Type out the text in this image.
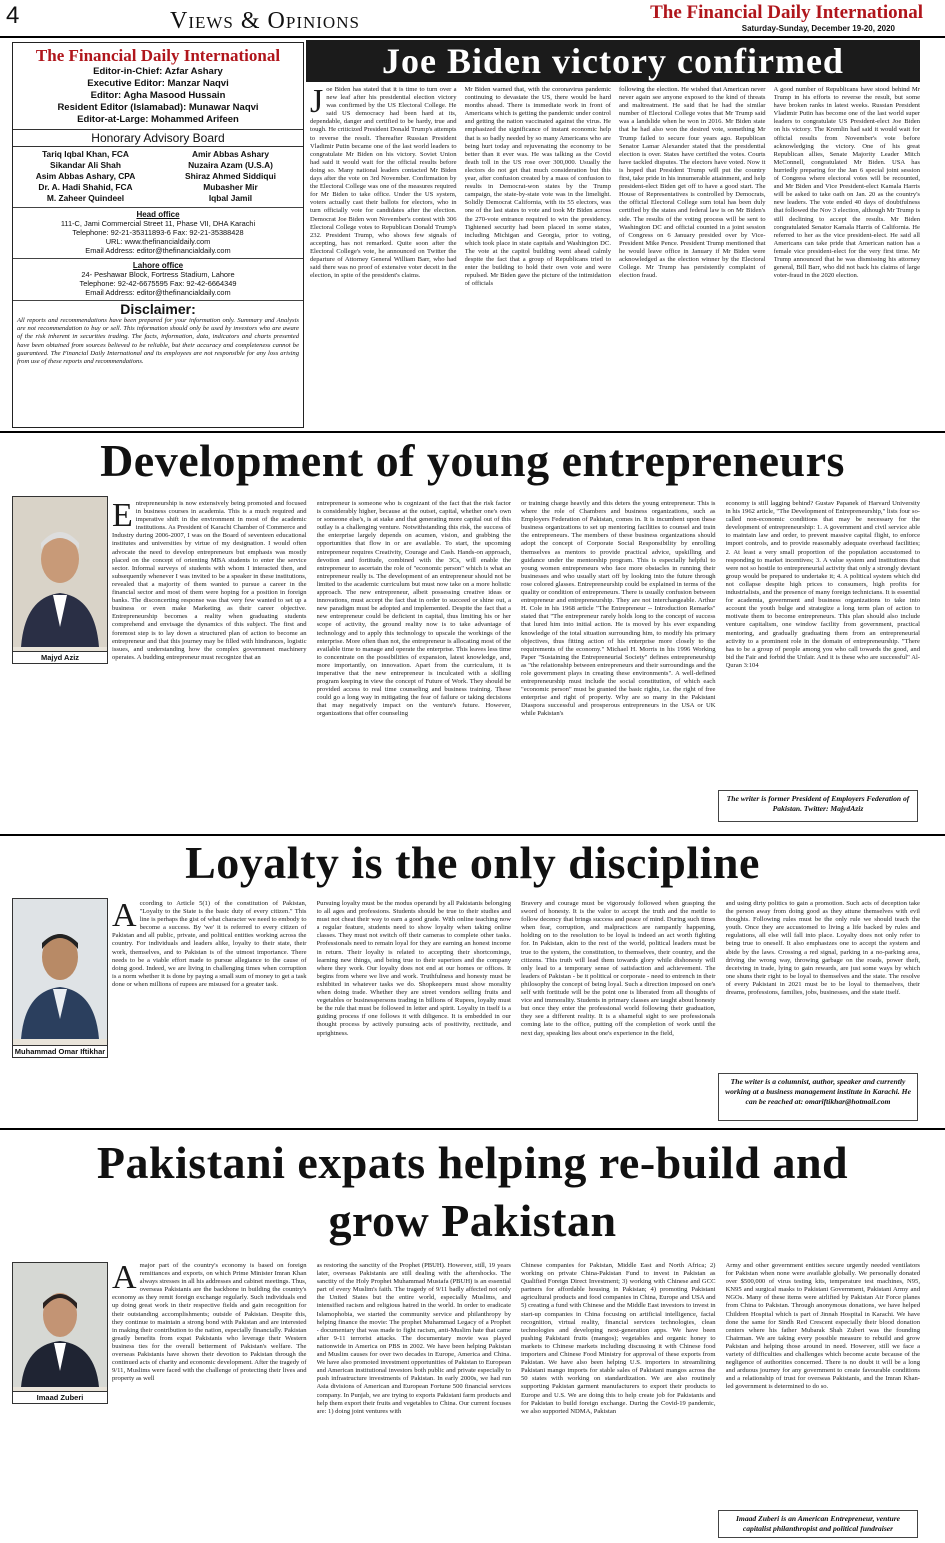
4	Views & Opinions	The Financial Daily International
Saturday-Sunday, December 19-20, 2020
The Financial Daily International
Editor-in-Chief: Azfar Ashary
Executive Editor: Manzar Naqvi
Editor: Agha Masood Hussain
Resident Editor (Islamabad): Munawar Naqvi
Editor-at-Large: Mohammed Arifeen
Honorary Advisory Board
Tariq Iqbal Khan, FCA	Amir Abbas Ashary
Sikandar Ali Shah	Nuzaira Azam (U.S.A)
Asim Abbas Ashary, CPA	Shiraz Ahmed Siddiqui
Dr. A. Hadi Shahid, FCA	Mubasher Mir
M. Zaheer Quindeel	Iqbal Jamil
Head office
111-C, Jami Commercial Street 11, Phase VII, DHA Karachi
Telephone: 92-21-35311893-6 Fax: 92-21-35388428
URL: www.thefinancialdaily.com
Email Address: editor@thefinancialdaily.com
Lahore office
24- Peshawar Block, Fortress Stadium, Lahore
Telephone: 92-42-6675595 Fax: 92-42-6664349
Email Address: editor@thefinancialdaily.com
Disclaimer:
All reports and recommendations have been prepared for your information only. Summary and Analysis are not recommendation to buy or sell. This information should only be used by investors who are aware of the risk inherent in securities trading. The facts, information, data, indicators and charts presented have been obtained from sources believed to be reliable, but their accuracy and completeness cannot be guaranteed. The Financial Daily International and its employees are not responsible for any loss arising from use of these reports and recommendations.
Joe Biden victory confirmed
Joe Biden has stated that it is time to turn over a new leaf after his presidential election victory was confirmed by the US Electoral College. He said US democracy had been hard at its, dependable, danger and certified to be hardy, true and tough. He criticized President Donald Trump's attempts to reverse the result. Thereafter Russian President Vladimir Putin became one of the last world leaders to congratulate Mr Biden on his victory. Soviet Union had said it would wait for the official results before doing so. Many national leaders contacted Mr Biden days after the vote on 3rd November. Confirmation by the Electoral College was one of the measures required for Mr Biden to take office. Under the US system, voters actually cast their ballots for electors, who in turn officially vote for candidates after the election. Democrat Joe Biden won November's contest with 306 Electoral College votes to Republican Donald Trump's 232. President Trump, who shows few signals of accepting, has not remarked. Quite soon after the Electoral College's vote, he announced on Twitter the departure of Attorney General William Barr, who had said there was no proof of extensive voter deceit in the election, in spite of the president's claims.
Mr Biden warned that, with the coronavirus pandemic continuing to devastate the US, there would be hard months ahead. There is immediate work in front of Americans which is getting the pandemic under control and getting the nation vaccinated against the virus. He emphasized the significance of instant economic help that is so badly needed by so many Americans who are being hurt today and rejuvenating the economy to be better than it ever was. He was talking as the Covid death toll in the US rose over 300,000. Usually the electors do not get that much consideration but this year, after confusion created by a mass of confusion to results in Democrat-won states by the Trump campaign, the state-by-state vote was in the limelight. Solidly Democrat California, with its 55 electors, was one of the last states to vote and took Mr Biden across the 270-vote entrance required to win the presidency. Tightened security had been placed in some states, including Michigan and Georgia, prior to voting, which took place in state capitals and Washington DC. The vote at the capitol building went ahead calmly despite the fact that a group of Republicans tried to enter the building to hold their own vote and were repulsed. Mr Biden gave the picture of the intimidation of officials
following the election. He wished that American never never again see anyone exposed to the kind of threats and maltreatment. He said that he had the similar number of Electoral College votes that Mr Trump said was a landslide when he won in 2016. Mr Biden state that he had also won the desired vote, something Mr Trump failed to secure four years ago. Republican Senator Lamar Alexander stated that the presidential election is over. States have certified the votes. Courts have tackled disputes. The electors have voted. Now it is hoped that President Trump will put the country first, take pride in his innumerable attainment, and help president-elect Biden get off to have a good start. The House of Representatives is controlled by Democrats, the official Electoral College sum total has been duly certified by the states and federal law is on Mr Biden's side. The results of the voting process will be sent to Washington DC and official counted in a joint session of Congress on 6 January presided over by Vice-President Mike Pence. President Trump mentioned that he would leave office in January if Mr Biden were acknowledged as the election winner by the Electoral College. Mr Trump has persistently complaint of election fraud.
A good number of Republicans have stood behind Mr Trump in his efforts to reverse the result, but some have broken ranks in latest weeks. Russian President Vladimir Putin has become one of the last world super leaders to congratulate US President-elect Joe Biden on his victory. The Kremlin had said it would wait for official results from November's vote before acknowledging the victory. One of his great Republican allies, Senate Majority Leader Mitch McConnell, congratulated Mr Biden. USA has hurriedly preparing for the Jan 6 special joint session of Congress where electoral votes will be recounted, and Mr Biden and Vice President-elect Kamala Harris will be asked to take oath on Jan. 20 as the country's new leaders. The vote ended 40 days of doubtfulness that followed the Nov 3 election, although Mr Trump is still declining to accept the results. Mr Biden congratulated Senator Kamala Harris of California. He referred to her as the vice president-elect. He said all Americans can take pride that American nation has a female vice president-elect for the very first time. Mr Trump announced that he was dismissing his attorney general, Bill Barr, who did not back his claims of large voter-fraud in the 2020 election.
Development of young entrepreneurs
Majyd Aziz
Entrepreneurship is now extensively being promoted and focused in business courses in academia. This is a much required and imperative shift in the environment in most of the academic institutions. As President of Karachi Chamber of Commerce and Industry during 2006-2007, I was on the Board of seventeen educational institutes and universities by virtue of my designation. I would often advocate the need to develop entrepreneurs but emphasis was mostly placed on the concept of orienting MBA students to enter the service sector. Informal surveys of students with whom I interacted then, and subsequently whenever I was invited to be a speaker in these institutions, revealed that a majority of them wanted to pursue a career in the financial sector and most of them were hoping for a position in foreign banks. The disconcerting response was that very few wanted to set up a business or even make Marketing as their career objective. Entrepreneurship becomes a reality when graduating students comprehend and envisage the dynamics of this subject. The first and foremost step is to lay down a structured plan of action to become an entrepreneur and that this journey may be filled with hindrances, logistic issues, and understanding how the complex government machinery operates. A budding entrepreneur must recognize that an
entrepreneur is someone who is cognizant of the fact that the risk factor is considerably higher, because at the outset, capital, whether one's own or someone else's, is at stake and that generating more capital out of this outlay is a challenging venture. Notwithstanding this risk, the success of the enterprise largely depends on acumen, vision, and grabbing the opportunities that flow in or are available. To start, the upcoming entrepreneur requires Creativity, Courage and Cash. Hands-on approach, devotion and fortitude, combined with the 3Cs, will enable the entrepreneur to ascertain the role of "economic person" which is what an entrepreneur really is. The development of an entrepreneur should not be limited to the academic curriculum but must now take on a more holistic approach. The new entrepreneur, albeit possessing creative ideas or innovations, must accept the fact that in order to succeed or shine out, a new paradigm must be adopted and implemented. Despite the fact that a new entrepreneur could be deficient in capital, thus limiting his or her scope of activity, the ground reality now is to take advantage of technology and to apply this technology to upscale the workings of the enterprise. More often than not, the entrepreneur is allocating most of the available time to manage and operate the enterprise. This leaves less time to concentrate on the possibilities of expansion, latest knowledge, and, more importantly, on innovation. Apart from the curriculum, it is imperative that the new entrepreneur is inculcated with a skilling program keeping in view the concept of Future of Work. They should be provided access to real time counseling and business training. These could go a long way in mitigating the fear of failure or taking decisions that may negatively impact on the venture's future. However, organizations that offer counseling
or training charge heavily and this deters the young entrepreneur. This is where the role of Chambers and business organizations, such as Employers Federation of Pakistan, comes in. It is incumbent upon these business organizations to set up mentoring facilities to counsel and train the entrepreneurs. The members of these business organizations should adopt the concept of Corporate Social Responsibility by enrolling themselves as mentors to provide practical advice, upskilling and guidance under the mentorship program. This is especially helpful to young women entrepreneurs who face more obstacles in running their businesses and who usually start off by looking into the future through rose colored glasses. Entrepreneurship could be explained in terms of the quality or condition of entrepreneurs. There is usually confusion between entrepreneur and entrepreneurship. They are not interchangeable. Arthur H. Cole in his 1968 article "The Entrepreneur -- Introduction Remarks" stated that "The entrepreneur rarely holds long to the concept of success that lured him into initial action. He is moved by his ever expanding knowledge of the total situation surrounding him, to modify his primary objectives, thus fitting action of his enterprise more closely to the requirements of the economy." Michael H. Morris in his 1996 Working Paper "Sustaining the Entrepreneurial Society" defines entrepreneurship as "the relationship between entrepreneurs and their surroundings and the role government plays in creating these environments". A well-defined entrepreneurship must include the social constitution, of which each "economic person" must be granted the basic rights, i.e. the right of free enterprise and right of property. Why are so many in the Pakistani Diaspora successful and prosperous entrepreneurs in the USA or UK while Pakistan's
economy is still lagging behind? Gustav Papanek of Harvard University in his 1962 article, "The Development of Entrepreneurship," lists four so-called non-economic conditions that may be necessary for the development of entrepreneurship: 1. A government and civil service able to maintain law and order, to prevent massive capital flight, to enforce import controls, and to provide reasonably adequate overhead facilities; 2. At least a very small proportion of the population accustomed to responding to market incentives; 3. A value system and institutions that were not so hostile to entrepreneurial activity that only a strongly deviant group would be prepared to undertake it; 4. A political system which did not collapse despite high prices to consumers, high profits for industrialists, and the presence of many foreign technicians. It is essential for academia, government and business organizations to take into account the youth bulge and strategize a long term plan of action to motivate them to become entrepreneurs. This plan should also include venture capitalism, one window facility from government, practical mentoring, and gradually graduating them from an entrepreneurial activity to a prominent role in the domain of entrepreneurship. "There has to be a group of people among you who call towards the good, and bid the Fair and forbid the Unfair. And it is these who are successful" Al-Quran 3:104
The writer is former President of Employers Federation of Pakistan. Twitter: MajydAziz
Loyalty is the only discipline
Muhammad Omar Iftikhar
According to Article 5(1) of the constitution of Pakistan, "Loyalty to the State is the basic duty of every citizen." This line is perhaps the gist of what character we need to embody to become a success. By 'we' it is referred to every citizen of Pakistan and all public, private, and political entities working across the country. For individuals and leaders alike, loyalty to their state, their work, themselves, and to Pakistan is of the utmost importance. There needs to be a viable effort made to pursue allegiance to the cause of doing good. Indeed, we are living in challenging times when corruption is a norm whether it is done by paying a small sum of money to get a task done or when millions of rupees are misused for a greater task.
Pursuing loyalty must be the modus operandi by all Pakistanis belonging to all ages and professions. Students should be true to their studies and must not cheat their way to earn a good grade. With online teaching now a regular feature, students need to show loyalty when taking online classes. They must not switch off their cameras to complete other tasks. Professionals need to remain loyal for they are earning an honest income in return. Their loyalty is related to accepting their shortcomings, learning new things, and being true to their superiors and the company where they work. Our loyalty does not end at our homes or offices. It begins from where we live and work. Truthfulness and honesty must be exhibited in whatever tasks we do. Shopkeepers must show morality when doing trade. Whether they are street vendors selling fruits and vegetables or businesspersons trading in billions of Rupees, loyalty must be the rule that must be followed in letter and spirit. Loyalty in itself is a guiding process if one follows it with diligence. It is embedded in our thought process by actively pursuing acts of positivity, rectitude, and uprightness.
Bravery and courage must be vigorously followed when grasping the sword of honesty. It is the valor to accept the truth and the mettle to follow decency that brings success and peace of mind. During such times when fear, corruption, and malpractices are rampantly happening, holding on to the resolution to be loyal is indeed an act worth fighting for. In Pakistan, akin to the rest of the world, political leaders must be true to the system, the constitution, to themselves, their country, and the citizens. This truth will lead them towards glory while dishonesty will only lead to a temporary sense of satisfaction and achievement. The leaders of Pakistan - be it political or corporate - need to entrench in their philosophy the concept of being loyal. Such a direction imposed on one's self with fortitude will be the point one is liberated from all thoughts of vice and immorality. Students in primary classes are taught about honesty but once they enter the professional world following their graduation, they see a different reality. It is a shameful sight to see professionals coming late to the office, putting off the completion of work until the next day, speaking lies about one's experience in the field,
and using dirty politics to gain a promotion. Such acts of deception take the person away from doing good as they attune themselves with evil thoughts. Following rules must be the only rule we should teach the youth. Once they are accustomed to living a life backed by rules and regulations, all else will fall into place. Loyalty does not only refer to being true to oneself. It also emphasizes one to accept the system and abide by the laws. Crossing a red signal, parking in a no-parking area, driving the wrong way, throwing garbage on the roads, power theft, deceiving in trade, lying to gain rewards, are just some ways by which one shuns their right to be loyal to themselves and the state. The resolve of every Pakistani in 2021 must be to be loyal to themselves, their dreams, professions, families, jobs, businesses, and the state itself.
The writer is a columnist, author, speaker and currently working at a business management institute in Karachi. He can be reached at: omariftikhar@hotmail.com
Pakistani expats helping re-build and grow Pakistan
Imaad Zuberi
A major part of the country's economy is based on foreign remittances and exports, on which Prime Minister Imran Khan always stresses in all his addresses and cabinet meetings. Thus, overseas Pakistanis are the backbone in building the country's economy as they remit foreign exchange regularly. Such individuals end up doing great work in their respective fields and gain recognition for their outstanding accomplishments; outside of Pakistan. Despite this, they continue to maintain a strong bond with Pakistan and are interested in making their contribution to the nation, especially financially. Pakistan greatly benefits from expat Pakistanis who leverage their Western business ties for the overall betterment of Pakistan's welfare. The overseas Pakistanis have shown their devotion to Pakistan through the continued acts of charity and economic development. After the tragedy of 9/11, Muslims were faced with the challenge of protecting their lives and property as well
as restoring the sanctity of the Prophet (PBUH). However, still, 19 years later, overseas Pakistanis are still dealing with the aftershocks. The sanctity of the Holy Prophet Muhammad Mustafa (PBUH) is an essential part of every Muslim's faith. The tragedy of 9/11 badly affected not only the United States but the entire world, especially Muslims, and intensified racism and religious hatred in the world. In order to eradicate Islamophobia, we started the community service and philanthropy by helping finance the movie: The prophet Muhammad Legacy of a Prophet - documentary that was made to fight racism, anti-Muslim hate that came after 9-11 terrorist attacks. The documentary movie was played nationwide in America on PBS in 2002. We have been helping Pakistan and Muslim causes for over two decades in Europe, America and China. We have also promoted investment opportunities of Pakistan to European and American institutional investors both public and private especially to push infrastructure investments of Pakistan. In early 2000s, we had run Asia divisions of American and European Fortune 500 financial services company. In Punjab, we are trying to exports Pakistani farm products and help them export their fruits and vegetables to China. Our current focuses are: 1) doing joint ventures with
Chinese companies for Pakistan, Middle East and North Africa; 2) working on private China-Pakistan Fund to invest in Pakistan as Qualified Foreign Direct Investment; 3) working with Chinese and GCC partners for affordable housing in Pakistan; 4) promoting Pakistani agricultural products and food companies in China, Europe and USA and 5) creating a fund with Chinese and the Middle East investors to invest in start-up companies in China focusing on artificial intelligence, facial recognition, virtual reality, financial services technologies, clean technologies and developing next-generation apps. We have been pushing Pakistani fruits (mangos); vegetables and organic honey to markets to Chinese markets including discussing it with Chinese food importers and Chinese Food Ministry for approval of these exports from Pakistan. We have also been helping U.S. importers in streamlining Pakistani mango imports for stable sales of Pakistani mangos across the 50 states with working on standardization. We are also routinely supporting Pakistan garment manufacturers to export their products to Europe and U.S. We are doing this to help create job for Pakistanis and for Pakistan to build foreign exchange. During the Covid-19 pandemic, we also supported NDMA, Pakistan
Army and other government entities secure urgently needed ventilators for Pakistan when none were available globally. We personally donated over $500,000 of virus testing kits, temperature test machines, N95, KN95 and surgical masks to Pakistani Government, Pakistani Army and NGOs. Many of these items were airlifted by Pakistan Air Force planes from China to Pakistan. Through anonymous donations, we have helped Children Hospital which is part of Jinnah Hospital in Karachi. We have done the same for Sindh Red Crescent especially their blood donation centers where his father Mubarak Shah Zuberi was the founding Chairman. We are taking every possible measure to rebuild and grow Pakistan and helping those around in need. However, still we face a variety of difficulties and challenges which become acute because of the negligence of authorities concerned. There is no doubt it will be a long and arduous journey for any government to create favourable conditions and a relationship of trust for overseas Pakistanis, and the Imran Khan-led government is determined to do so.
Imaad Zuberi is an American Entrepreneur, venture capitalist philanthropist and political fundraiser
